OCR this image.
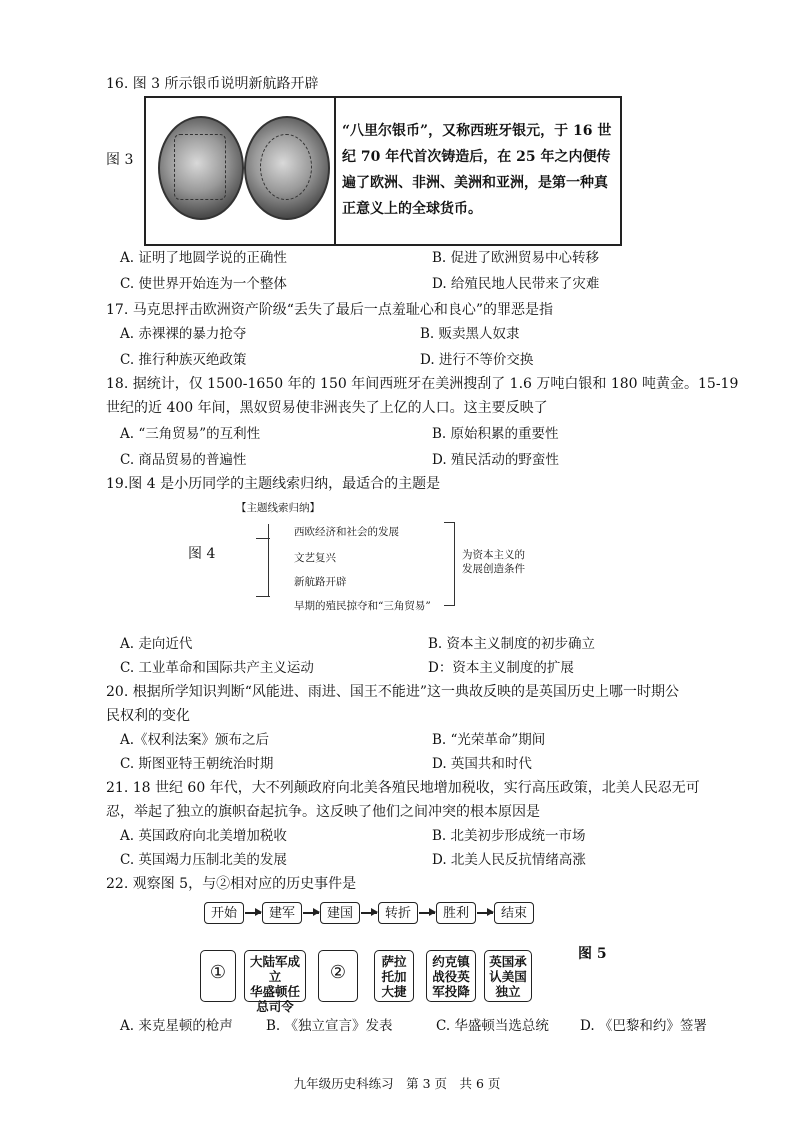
16. 图 3 所示银币说明新航路开辟
图 3
“八里尔银币”，又称西班牙银元，于 16 世纪 70 年代首次铸造后，在 25 年之内便传遍了欧洲、非洲、美洲和亚洲，是第一种真正意义上的全球货币。
A. 证明了地圆学说的正确性	B. 促进了欧洲贸易中心转移
C. 使世界开始连为一个整体	D. 给殖民地人民带来了灾难
17. 马克思抨击欧洲资产阶级“丢失了最后一点羞耻心和良心”的罪恶是指
A. 赤裸裸的暴力抢夺	B. 贩卖黑人奴隶
C. 推行种族灭绝政策	D. 进行不等价交换
18. 据统计，仅 1500-1650 年的 150 年间西班牙在美洲搜刮了 1.6 万吨白银和 180 吨黄金。15-19
世纪的近 400 年间，黑奴贸易使非洲丧失了上亿的人口。这主要反映了
A. “三角贸易”的互利性	B. 原始积累的重要性
C. 商品贸易的普遍性	D. 殖民活动的野蛮性
19.图 4 是小历同学的主题线索归纳，最适合的主题是
图 4
【主题线索归纳】
西欧经济和社会的发展
文艺复兴
新航路开辟
早期的殖民掠夺和“三角贸易”
为资本主义的
发展创造条件
A. 走向近代	B. 资本主义制度的初步确立
C. 工业革命和国际共产主义运动	D：资本主义制度的扩展
20. 根据所学知识判断“风能进、雨进、国王不能进”这一典故反映的是英国历史上哪一时期公
民权利的变化
A.《权利法案》颁布之后	B. “光荣革命”期间
C. 斯图亚特王朝统治时期	D. 英国共和时代
21. 18 世纪 60 年代，大不列颠政府向北美各殖民地增加税收，实行高压政策，北美人民忍无可
忍，举起了独立的旗帜奋起抗争。这反映了他们之间冲突的根本原因是
A. 英国政府向北美增加税收	B. 北美初步形成统一市场
C. 英国竭力压制北美的发展	D. 北美人民反抗情绪高涨
22. 观察图 5，与②相对应的历史事件是
开始	建军	建国	转折	胜利	结束
①
大陆军成立
华盛顿任
总司令
②
萨拉
托加
大捷
约克镇
战役英
军投降
英国承
认美国
独立
图 5
A. 来克星顿的枪声 B. 《独立宣言》发表	C. 华盛顿当选总统 D. 《巴黎和约》签署
九年级历史科练习　第 3 页　共 6 页
